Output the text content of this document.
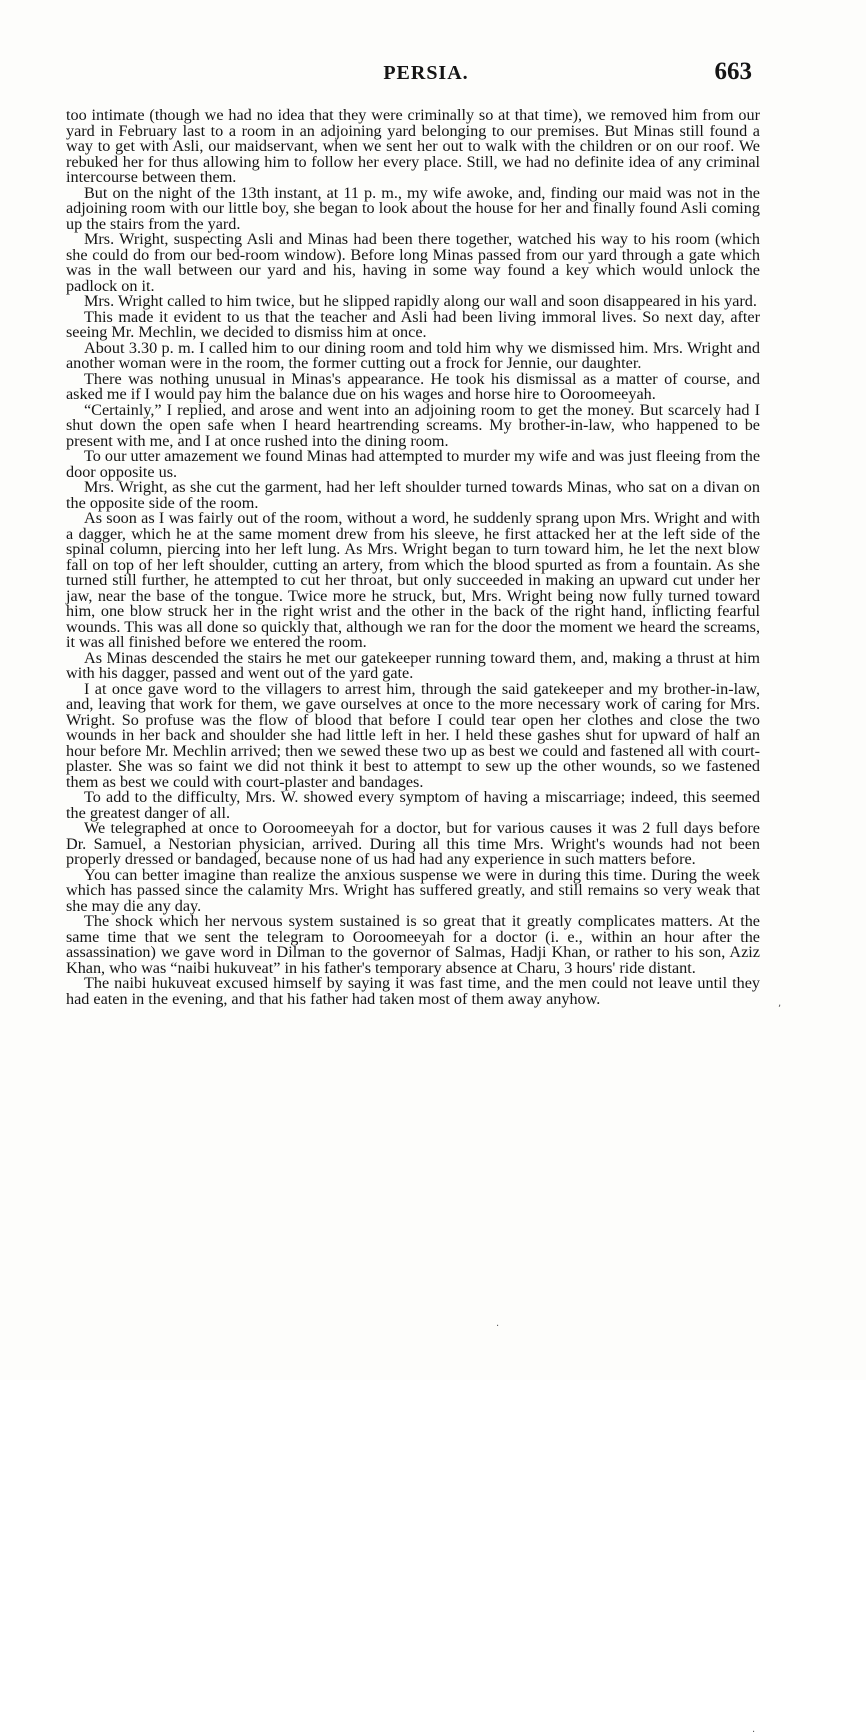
PERSIA.	663

too intimate (though we had no idea that they were criminally so at that time), we removed him from our yard in February last to a room in an adjoining yard belonging to our premises. But Minas still found a way to get with Asli, our maidservant, when we sent her out to walk with the children or on our roof. We rebuked her for thus allowing him to follow her every place. Still, we had no definite idea of any criminal intercourse between them.

But on the night of the 13th instant, at 11 p. m., my wife awoke, and, finding our maid was not in the adjoining room with our little boy, she began to look about the house for her and finally found Asli coming up the stairs from the yard.

Mrs. Wright, suspecting Asli and Minas had been there together, watched his way to his room (which she could do from our bed-room window). Before long Minas passed from our yard through a gate which was in the wall between our yard and his, having in some way found a key which would unlock the padlock on it.

Mrs. Wright called to him twice, but he slipped rapidly along our wall and soon disappeared in his yard.

This made it evident to us that the teacher and Asli had been living immoral lives. So next day, after seeing Mr. Mechlin, we decided to dismiss him at once.

About 3.30 p. m. I called him to our dining room and told him why we dismissed him. Mrs. Wright and another woman were in the room, the former cutting out a frock for Jennie, our daughter.

There was nothing unusual in Minas's appearance. He took his dismissal as a matter of course, and asked me if I would pay him the balance due on his wages and horse hire to Ooroomeeyah.

“Certainly,” I replied, and arose and went into an adjoining room to get the money. But scarcely had I shut down the open safe when I heard heartrending screams. My brother-in-law, who happened to be present with me, and I at once rushed into the dining room.

To our utter amazement we found Minas had attempted to murder my wife and was just fleeing from the door opposite us.

Mrs. Wright, as she cut the garment, had her left shoulder turned towards Minas, who sat on a divan on the opposite side of the room.

As soon as I was fairly out of the room, without a word, he suddenly sprang upon Mrs. Wright and with a dagger, which he at the same moment drew from his sleeve, he first attacked her at the left side of the spinal column, piercing into her left lung. As Mrs. Wright began to turn toward him, he let the next blow fall on top of her left shoulder, cutting an artery, from which the blood spurted as from a fountain. As she turned still further, he attempted to cut her throat, but only succeeded in making an upward cut under her jaw, near the base of the tongue. Twice more he struck, but, Mrs. Wright being now fully turned toward him, one blow struck her in the right wrist and the other in the back of the right hand, inflicting fearful wounds. This was all done so quickly that, although we ran for the door the moment we heard the screams, it was all finished before we entered the room.

As Minas descended the stairs he met our gatekeeper running toward them, and, making a thrust at him with his dagger, passed and went out of the yard gate.

I at once gave word to the villagers to arrest him, through the said gatekeeper and my brother-in-law, and, leaving that work for them, we gave ourselves at once to the more necessary work of caring for Mrs. Wright. So profuse was the flow of blood that before I could tear open her clothes and close the two wounds in her back and shoulder she had little left in her. I held these gashes shut for upward of half an hour before Mr. Mechlin arrived; then we sewed these two up as best we could and fastened all with court-plaster. She was so faint we did not think it best to attempt to sew up the other wounds, so we fastened them as best we could with court-plaster and bandages.

To add to the difficulty, Mrs. W. showed every symptom of having a miscarriage; indeed, this seemed the greatest danger of all.

We telegraphed at once to Ooroomeeyah for a doctor, but for various causes it was 2 full days before Dr. Samuel, a Nestorian physician, arrived. During all this time Mrs. Wright's wounds had not been properly dressed or bandaged, because none of us had had any experience in such matters before.

You can better imagine than realize the anxious suspense we were in during this time. During the week which has passed since the calamity Mrs. Wright has suffered greatly, and still remains so very weak that she may die any day.

The shock which her nervous system sustained is so great that it greatly complicates matters. At the same time that we sent the telegram to Ooroomeeyah for a doctor (i. e., within an hour after the assassination) we gave word in Dilman to the governor of Salmas, Hadji Khan, or rather to his son, Aziz Khan, who was “naibi hukuveat” in his father's temporary absence at Charu, 3 hours' ride distant.

The naibi hukuveat excused himself by saying it was fast time, and the men could not leave until they had eaten in the evening, and that his father had taken most of them away anyhow.	,
.
.
